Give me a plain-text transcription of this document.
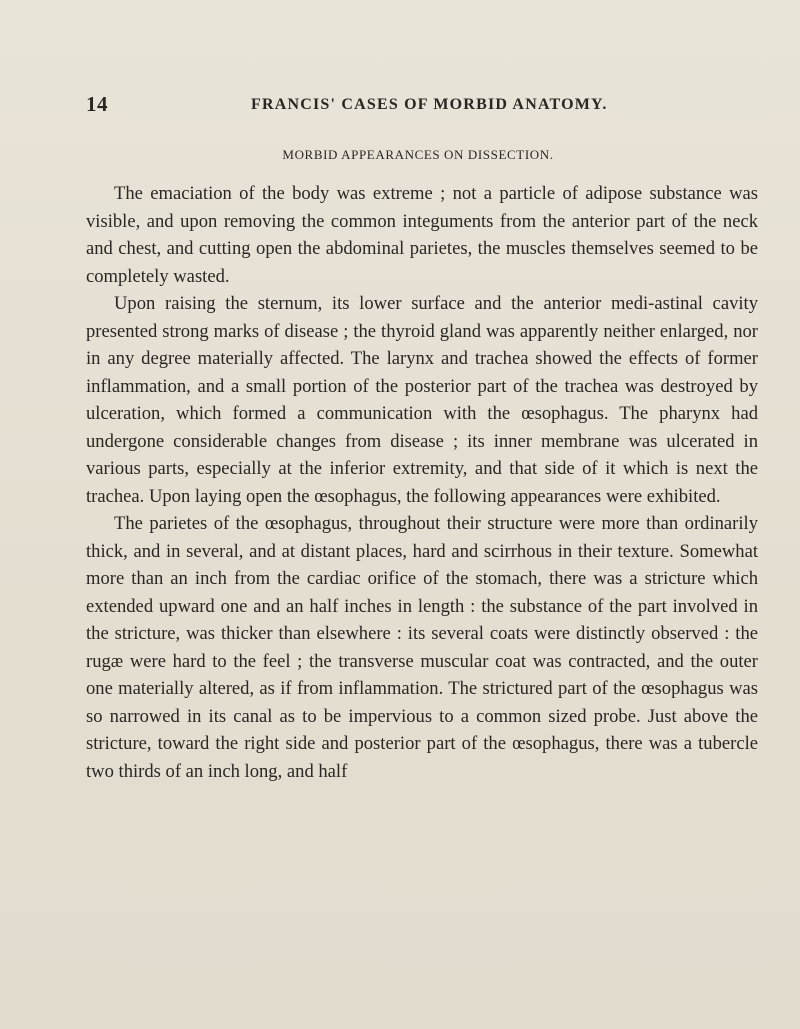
14	FRANCIS' CASES OF MORBID ANATOMY.
MORBID APPEARANCES ON DISSECTION.

The emaciation of the body was extreme ; not a particle of adipose substance was visible, and upon removing the common integuments from the anterior part of the neck and chest, and cutting open the abdominal parietes, the muscles themselves seemed to be completely wasted.

Upon raising the sternum, its lower surface and the anterior medi-astinal cavity presented strong marks of disease ; the thyroid gland was apparently neither enlarged, nor in any degree materially affected. The larynx and trachea showed the effects of former inflammation, and a small portion of the posterior part of the trachea was destroyed by ulceration, which formed a communication with the œsophagus. The pharynx had undergone considerable changes from disease ; its inner membrane was ulcerated in various parts, especially at the inferior extremity, and that side of it which is next the trachea. Upon laying open the œsophagus, the following appearances were exhibited.

The parietes of the œsophagus, throughout their structure were more than ordinarily thick, and in several, and at distant places, hard and scirrhous in their texture. Somewhat more than an inch from the cardiac orifice of the stomach, there was a stricture which extended upward one and an half inches in length : the substance of the part involved in the stricture, was thicker than elsewhere : its several coats were distinctly observed : the rugæ were hard to the feel ; the transverse muscular coat was contracted, and the outer one materially altered, as if from inflammation. The strictured part of the œsophagus was so narrowed in its canal as to be impervious to a common sized probe. Just above the stricture, toward the right side and posterior part of the œsophagus, there was a tubercle two thirds of an inch long, and half
